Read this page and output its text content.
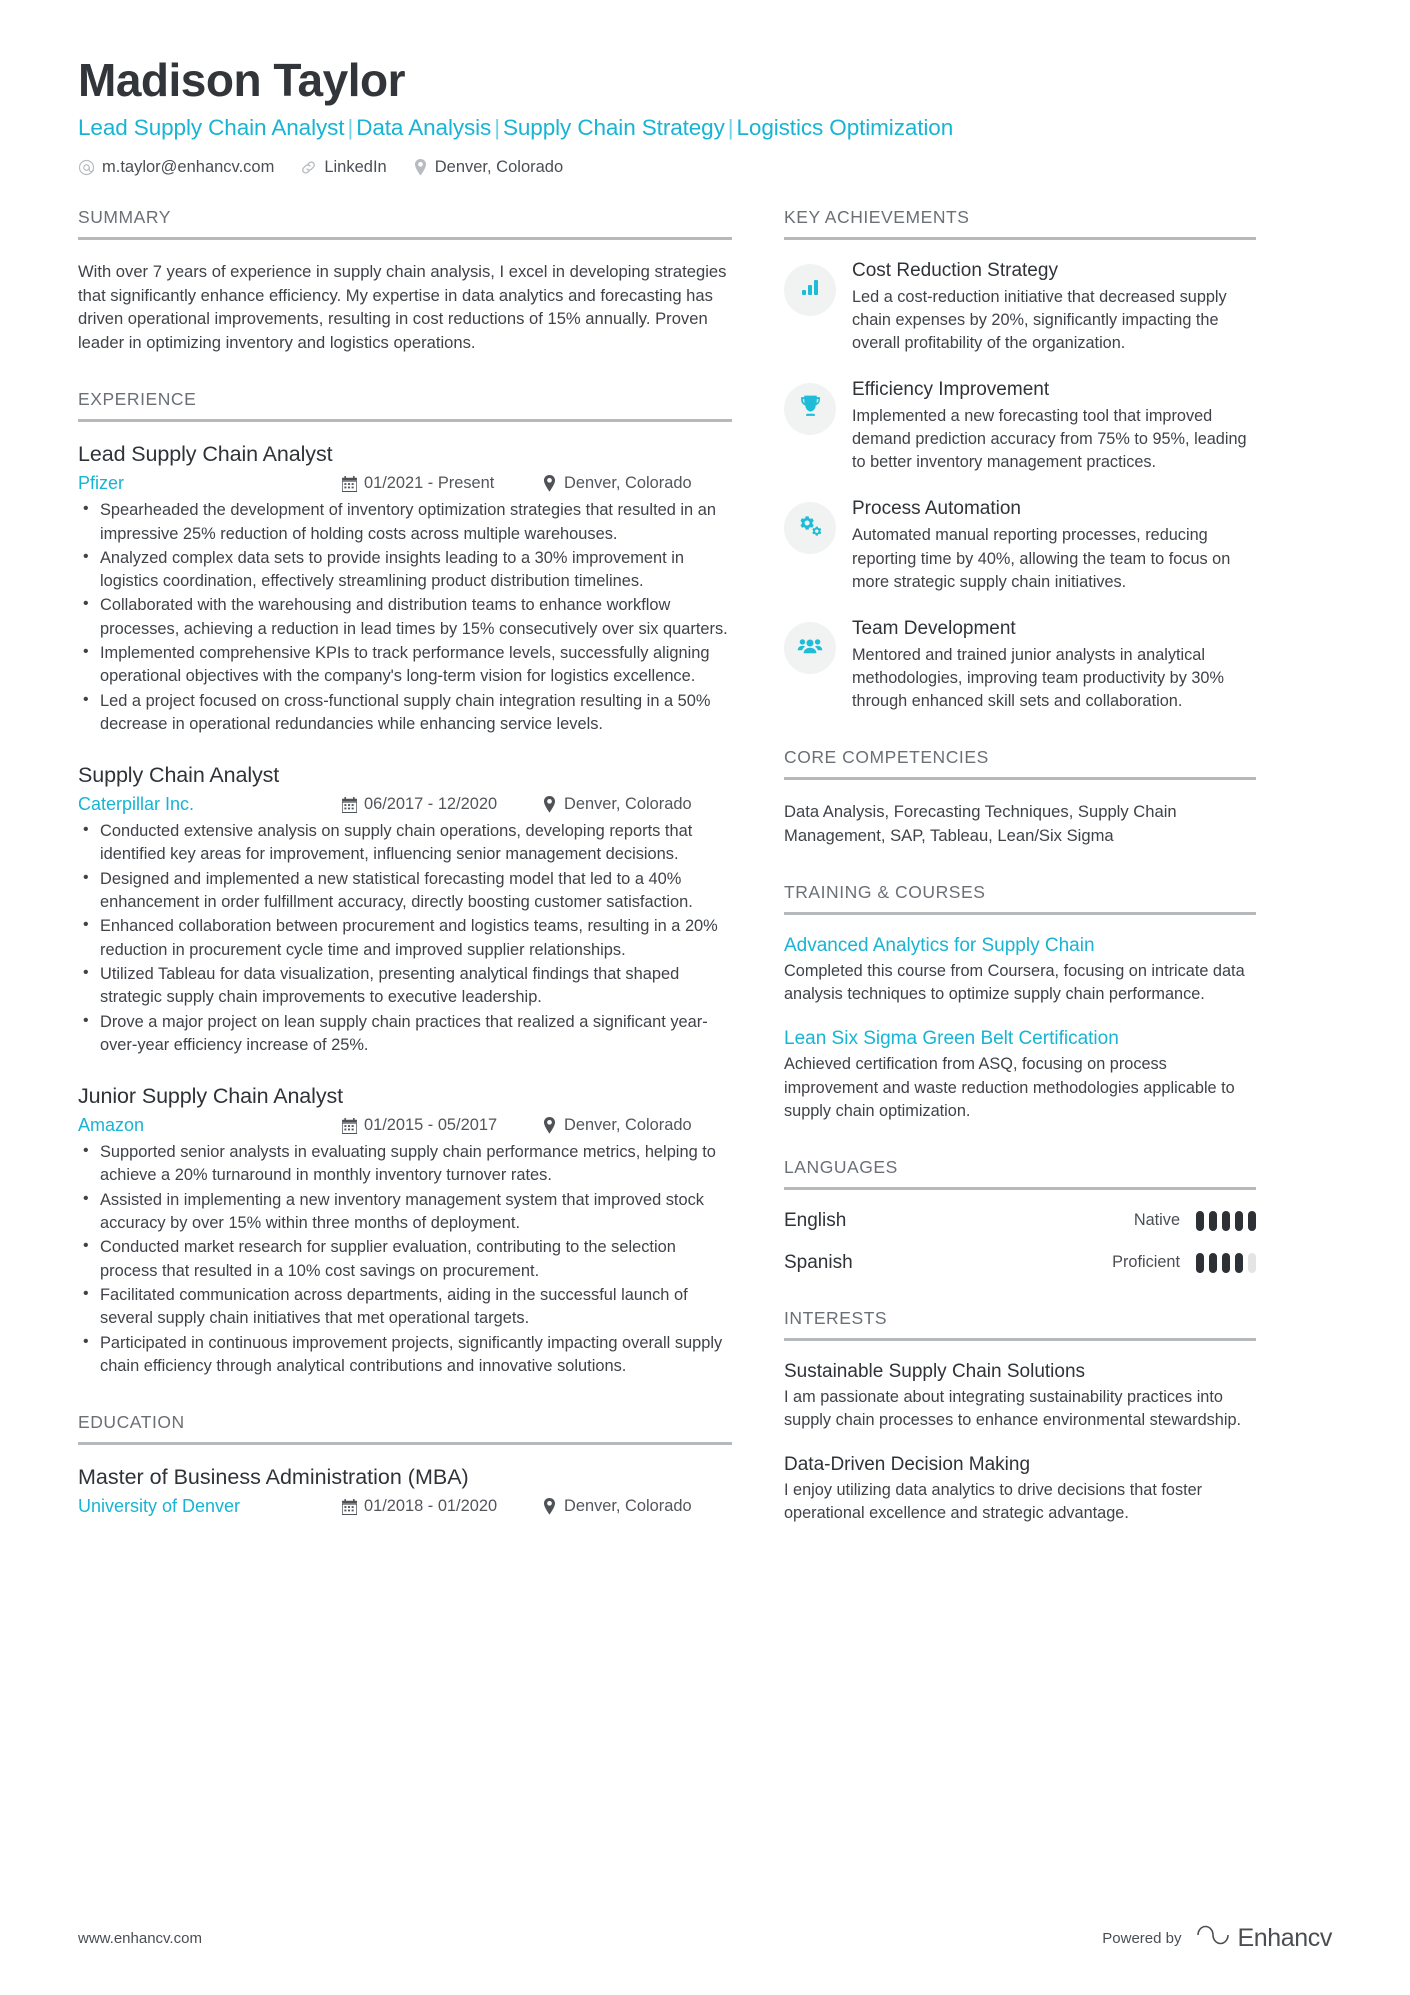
Madison Taylor
Lead Supply Chain Analyst | Data Analysis | Supply Chain Strategy | Logistics Optimization
m.taylor@enhancv.com	LinkedIn	Denver, Colorado
SUMMARY
With over 7 years of experience in supply chain analysis, I excel in developing strategies that significantly enhance efficiency. My expertise in data analytics and forecasting has driven operational improvements, resulting in cost reductions of 15% annually. Proven leader in optimizing inventory and logistics operations.
EXPERIENCE
Lead Supply Chain Analyst
Pfizer	01/2021 - Present	Denver, Colorado
• Spearheaded the development of inventory optimization strategies that resulted in an impressive 25% reduction of holding costs across multiple warehouses.
• Analyzed complex data sets to provide insights leading to a 30% improvement in logistics coordination, effectively streamlining product distribution timelines.
• Collaborated with the warehousing and distribution teams to enhance workflow processes, achieving a reduction in lead times by 15% consecutively over six quarters.
• Implemented comprehensive KPIs to track performance levels, successfully aligning operational objectives with the company's long-term vision for logistics excellence.
• Led a project focused on cross-functional supply chain integration resulting in a 50% decrease in operational redundancies while enhancing service levels.
Supply Chain Analyst
Caterpillar Inc.	06/2017 - 12/2020	Denver, Colorado
• Conducted extensive analysis on supply chain operations, developing reports that identified key areas for improvement, influencing senior management decisions.
• Designed and implemented a new statistical forecasting model that led to a 40% enhancement in order fulfillment accuracy, directly boosting customer satisfaction.
• Enhanced collaboration between procurement and logistics teams, resulting in a 20% reduction in procurement cycle time and improved supplier relationships.
• Utilized Tableau for data visualization, presenting analytical findings that shaped strategic supply chain improvements to executive leadership.
• Drove a major project on lean supply chain practices that realized a significant year-over-year efficiency increase of 25%.
Junior Supply Chain Analyst
Amazon	01/2015 - 05/2017	Denver, Colorado
• Supported senior analysts in evaluating supply chain performance metrics, helping to achieve a 20% turnaround in monthly inventory turnover rates.
• Assisted in implementing a new inventory management system that improved stock accuracy by over 15% within three months of deployment.
• Conducted market research for supplier evaluation, contributing to the selection process that resulted in a 10% cost savings on procurement.
• Facilitated communication across departments, aiding in the successful launch of several supply chain initiatives that met operational targets.
• Participated in continuous improvement projects, significantly impacting overall supply chain efficiency through analytical contributions and innovative solutions.
EDUCATION
Master of Business Administration (MBA)
University of Denver	01/2018 - 01/2020	Denver, Colorado
KEY ACHIEVEMENTS
Cost Reduction Strategy
Led a cost-reduction initiative that decreased supply chain expenses by 20%, significantly impacting the overall profitability of the organization.
Efficiency Improvement
Implemented a new forecasting tool that improved demand prediction accuracy from 75% to 95%, leading to better inventory management practices.
Process Automation
Automated manual reporting processes, reducing reporting time by 40%, allowing the team to focus on more strategic supply chain initiatives.
Team Development
Mentored and trained junior analysts in analytical methodologies, improving team productivity by 30% through enhanced skill sets and collaboration.
CORE COMPETENCIES
Data Analysis, Forecasting Techniques, Supply Chain Management, SAP, Tableau, Lean/Six Sigma
TRAINING & COURSES
Advanced Analytics for Supply Chain
Completed this course from Coursera, focusing on intricate data analysis techniques to optimize supply chain performance.
Lean Six Sigma Green Belt Certification
Achieved certification from ASQ, focusing on process improvement and waste reduction methodologies applicable to supply chain optimization.
LANGUAGES
English	Native
Spanish	Proficient
INTERESTS
Sustainable Supply Chain Solutions
I am passionate about integrating sustainability practices into supply chain processes to enhance environmental stewardship.
Data-Driven Decision Making
I enjoy utilizing data analytics to drive decisions that foster operational excellence and strategic advantage.
www.enhancv.com	Powered by Enhancv
